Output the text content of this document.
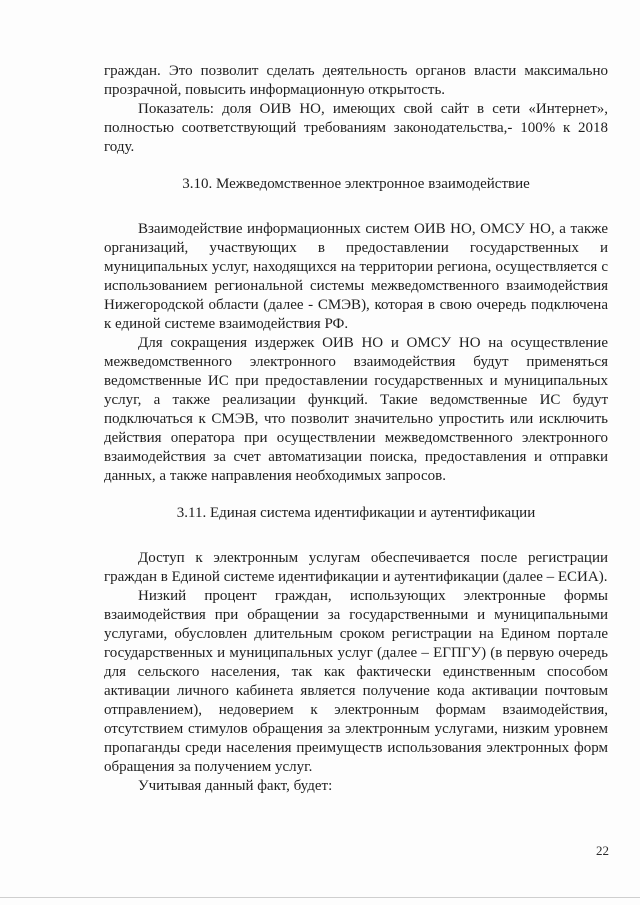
граждан. Это позволит сделать деятельность органов власти максимально прозрачной, повысить информационную открытость.

Показатель: доля ОИВ НО, имеющих свой сайт в сети «Интернет», полностью соответствующий требованиям законодательства,- 100% к 2018 году.

3.10. Межведомственное электронное взаимодействие

Взаимодействие информационных систем ОИВ НО, ОМСУ НО, а также организаций, участвующих в предоставлении государственных и муниципальных услуг, находящихся на территории региона, осуществляется с использованием региональной системы межведомственного взаимодействия Нижегородской области (далее - СМЭВ), которая в свою очередь подключена к единой системе взаимодействия РФ.

Для сокращения издержек ОИВ НО и ОМСУ НО на осуществление межведомственного электронного взаимодействия будут применяться ведомственные ИС при предоставлении государственных и муниципальных услуг, а также реализации функций. Такие ведомственные ИС будут подключаться к СМЭВ, что позволит значительно упростить или исключить действия оператора при осуществлении межведомственного электронного взаимодействия за счет автоматизации поиска, предоставления и отправки данных, а также направления необходимых запросов.

3.11. Единая система идентификации и аутентификации

Доступ к электронным услугам обеспечивается после регистрации граждан в Единой системе идентификации и аутентификации (далее – ЕСИА).

Низкий процент граждан, использующих электронные формы взаимодействия при обращении за государственными и муниципальными услугами, обусловлен длительным сроком регистрации на Едином портале государственных и муниципальных услуг (далее – ЕГПГУ) (в первую очередь для сельского населения, так как фактически единственным способом активации личного кабинета является получение кода активации почтовым отправлением), недоверием к электронным формам взаимодействия, отсутствием стимулов обращения за электронным услугами, низким уровнем пропаганды среди населения преимуществ использования электронных форм обращения за получением услуг.

Учитывая данный факт, будет:

22
